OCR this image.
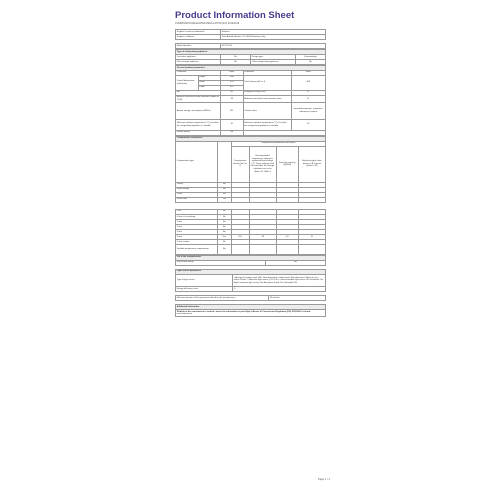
Product Information Sheet
COMMISSION DELEGATED REGULATION (EU) 2019/2016
Supplier's name or trademark:	Hotpoint
Supplier's address:	Viale Aristide Merloni, 47, 60044 Fabriano, Italy
Model identifier:	H9T 921 A
Type of refrigerating appliance:			
Low-noise appliance:	No	Design type:	Freestanding
Wine storage appliance:	No	Other refrigerating appliance:	No
General product parameters:				
Parameter		Value	Parameter	Value
Overall dimensions (millimetre)	Height	1950	Total volume (dm³ or l)	368
	Width	590		
	Depth	670		
EEI		80	Energy efficiency class	E
Airborne acoustical noise emissions (dB(A) re 1 pW)		38	Airborne acoustical noise emission class	B
Annual energy consumption (kWh/a)		311	Climate class:	extended temperate, temperate, subtropical, tropical
Minimum ambient temperature (°C), for which the refrigerating appliance is suitable		10	Maximum ambient temperature (°C), for which the refrigerating appliance is suitable	43
Winter setting		No		
Compartment Parameters:					
Compartment type		Compartment parameters and values			
		Compartment volume (dm³ or l)	Recommended temperature setting for optimised food storage (°C) These settings shall not contradict the storage conditions set out in Annex IV, Table 3	Freezing capacity (kg/24h)	Defrosting type (auto-defrost = A, manual defrost = M)
Pantry	No				
Wine storage	No				
Cellar	No				
Fresh food	Yes				
Chill	No				
0-star or ice-making	No				
1-star	No				
2-star	No				
3-star	No				
4-star	Yes	103	-18	4,5	A
2-star section	No				
Variable temperature compartment	No				
For 4-star compartments
Fast freeze facility	No
Light source parameters	
Type of light source	Lighting technology used: LED; Non-directional or directional: Non-directional; Mains or non-mains: Mains; Connected light source (CLS): No; Colour-tuneable light source: No; Envelope: No; High luminance light source: No; Anti-glare shield: No; Dimmable: No
Energy efficiency class	G
Minimum duration of the guarantee offered by the manufacturer:	24 months
Additional information:
Weblink to the manufacturer's website, where the information in point 4(a) of Annex of Commission Regulation (EU) 2019/2019 is found: www.hotpoint.eu
Page 1 / 1
